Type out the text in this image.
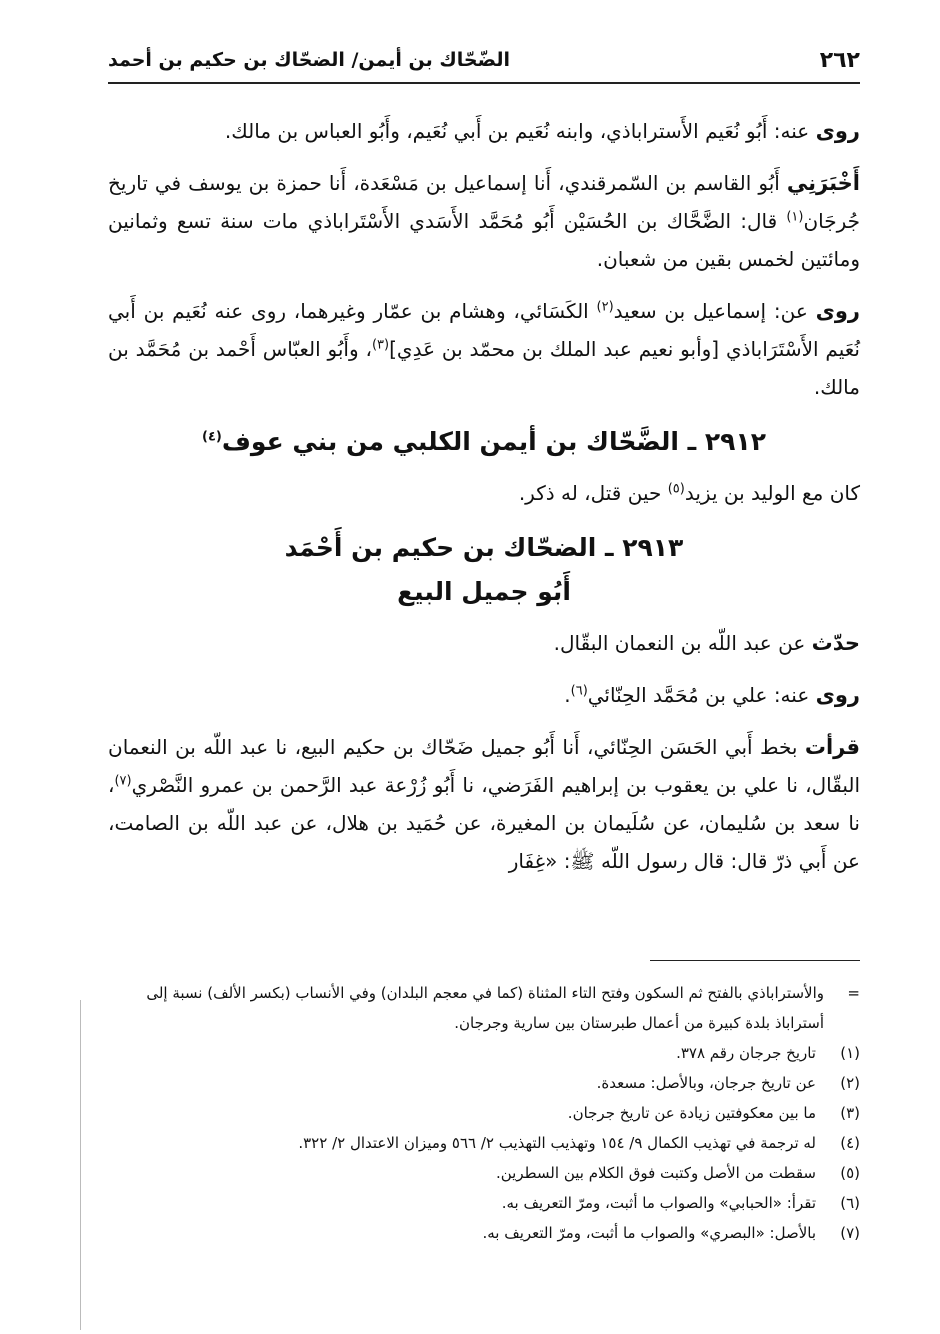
٢٦٢
الضّحّاك بن أيمن/ الضحّاك بن حكيم بن أحمد

روى عنه: أَبُو نُعَيم الأَستراباذي، وابنه نُعَيم بن أَبي نُعَيم، وأَبُو العباس بن مالك.

أَخْبَرَنِي أَبُو القاسم بن السّمرقندي، أَنا إسماعيل بن مَسْعَدة، أَنا حمزة بن يوسف في تاريخ جُرجَان$^{(١)}$ قال: الضَّحَّاك بن الحُسَيْن أَبُو مُحَمَّد الأَسَدي الأَسْتَراباذي مات سنة تسع وثمانين ومائتين لخمس بقين من شعبان.

روى عن: إسماعيل بن سعيد$^{(٢)}$ الكَسَائي، وهشام بن عمّار وغيرهما، روى عنه نُعَيم بن أَبي نُعَيم الأَسْتَرَاباذي [وأبو نعيم عبد الملك بن محمّد بن عَدِي]$^{(٣)}$، وأَبُو العبّاس أَحْمد بن مُحَمَّد بن مالك.

٢٩١٢ ـ الضَّحّاك بن أيمن الكلبي من بني عوف$^{(٤)}$

كان مع الوليد بن يزيد$^{(٥)}$ حين قتل، له ذكر.

٢٩١٣ ـ الضحّاك بن حكيم بن أَحْمَد
أَبُو جميل البيع

حدّث عن عبد اللّه بن النعمان البقّال.

روى عنه: علي بن مُحَمَّد الحِنّائي$^{(٦)}$.

قرأت بخط أَبي الحَسَن الحِنّائي، أَنا أَبُو جميل ضَحّاك بن حكيم البيع، نا عبد اللّه بن النعمان البقّال، نا علي بن يعقوب بن إبراهيم الفَرَضي، نا أَبُو زُرْعة عبد الرَّحمن بن عمرو النَّصْري$^{(٧)}$، نا سعد بن سُليمان، عن سُلَيمان بن المغيرة، عن حُمَيد بن هلال، عن عبد اللّه بن الصامت، عن أَبي ذرّ قال: قال رسول اللّه ﷺ: «غِفَار

=
والأستراباذي بالفتح ثم السكون وفتح التاء المثناة (كما في معجم البلدان) وفي الأنساب (بكسر الألف) نسبة إلى أستراباذ بلدة كبيرة من أعمال طبرستان بين سارية وجرجان.
(١)
تاريخ جرجان رقم ٣٧٨.
(٢)
عن تاريخ جرجان، وبالأصل: مسعدة.
(٣)
ما بين معكوفتين زيادة عن تاريخ جرجان.
(٤)
له ترجمة في تهذيب الكمال ٩/ ١٥٤ وتهذيب التهذيب ٢/ ٥٦٦ وميزان الاعتدال ٢/ ٣٢٢.
(٥)
سقطت من الأصل وكتبت فوق الكلام بين السطرين.
(٦)
تقرأ: «الحبابي» والصواب ما أثبت، ومرّ التعريف به.
(٧)
بالأصل: «البصري» والصواب ما أثبت، ومرّ التعريف به.
